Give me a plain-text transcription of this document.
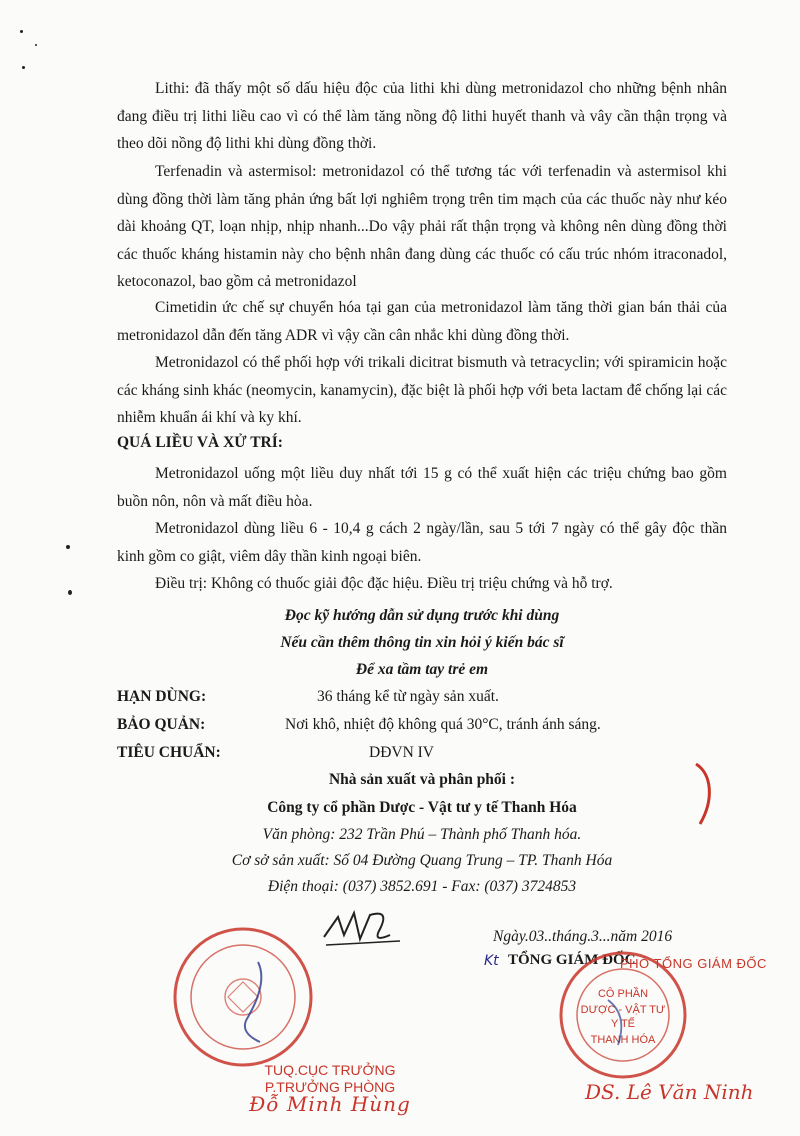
Lithi: đã thấy một số dấu hiệu độc của lithi khi dùng metronidazol cho những bệnh nhân đang điều trị lithi liều cao vì có thể làm tăng nồng độ lithi huyết thanh và vây cần thận trọng và theo dõi nồng độ lithi khi dùng đồng thời.

Terfenadin và astermisol: metronidazol có thể tương tác với terfenadin và astermisol khi dùng đồng thời làm tăng phản ứng bất lợi nghiêm trọng trên tim mạch của các thuốc này như kéo dài khoảng QT, loạn nhịp, nhịp nhanh...Do vậy phải rất thận trọng và không nên dùng đồng thời các thuốc kháng histamin này cho bệnh nhân đang dùng các thuốc có cấu trúc nhóm itraconadol, ketoconazol, bao gồm cả metronidazol

Cimetidin ức chế sự chuyển hóa tại gan của metronidazol làm tăng thời gian bán thải của metronidazol dẫn đến tăng ADR vì vậy cần cân nhắc khi dùng đồng thời.

Metronidazol có thể phối hợp với trikali dicitrat bismuth và tetracyclin; với spiramicin hoặc các kháng sinh khác (neomycin, kanamycin), đặc biệt là phối hợp với beta lactam để chống lại các nhiễm khuẩn ái khí và ky khí.

QUÁ LIỀU VÀ XỬ TRÍ:

Metronidazol uống một liều duy nhất tới 15 g có thể xuất hiện các triệu chứng bao gồm buồn nôn, nôn và mất điều hòa.

Metronidazol dùng liều 6 - 10,4 g cách 2 ngày/lần, sau 5 tới 7 ngày có thể gây độc thần kinh gồm co giật, viêm dây thần kinh ngoại biên.

Điều trị: Không có thuốc giải độc đặc hiệu. Điều trị triệu chứng và hỗ trợ.

Đọc kỹ hướng dẫn sử dụng trước khi dùng

Nếu cần thêm thông tin xin hỏi ý kiến bác sĩ

Để xa tầm tay trẻ em

HẠN DÙNG:	36 tháng kể từ ngày sản xuất.
BẢO QUẢN:	Nơi khô, nhiệt độ không quá 30°C, tránh ánh sáng.
TIÊU CHUẨN:	DĐVN IV

Nhà sản xuất và phân phối :

Công ty cổ phần Dược - Vật tư y tế Thanh Hóa

Văn phòng: 232 Trần Phú – Thành phố Thanh hóa.

Cơ sở sản xuất: Số 04 Đường Quang Trung – TP. Thanh Hóa

Điện thoại: (037) 3852.691 - Fax: (037) 3724853

Ngày.03..tháng.3...năm 2016
Kt TỔNG GIÁM ĐỐC
PHÓ TỔNG GIÁM ĐỐC
CÔ PHẦN
DƯỢC - VẬT TƯ
Y TẾ
THANH HÓA
TUQ.CỤC TRƯỞNG
P.TRƯỞNG PHÒNG
Đỗ Minh Hùng	DS. Lê Văn Ninh
